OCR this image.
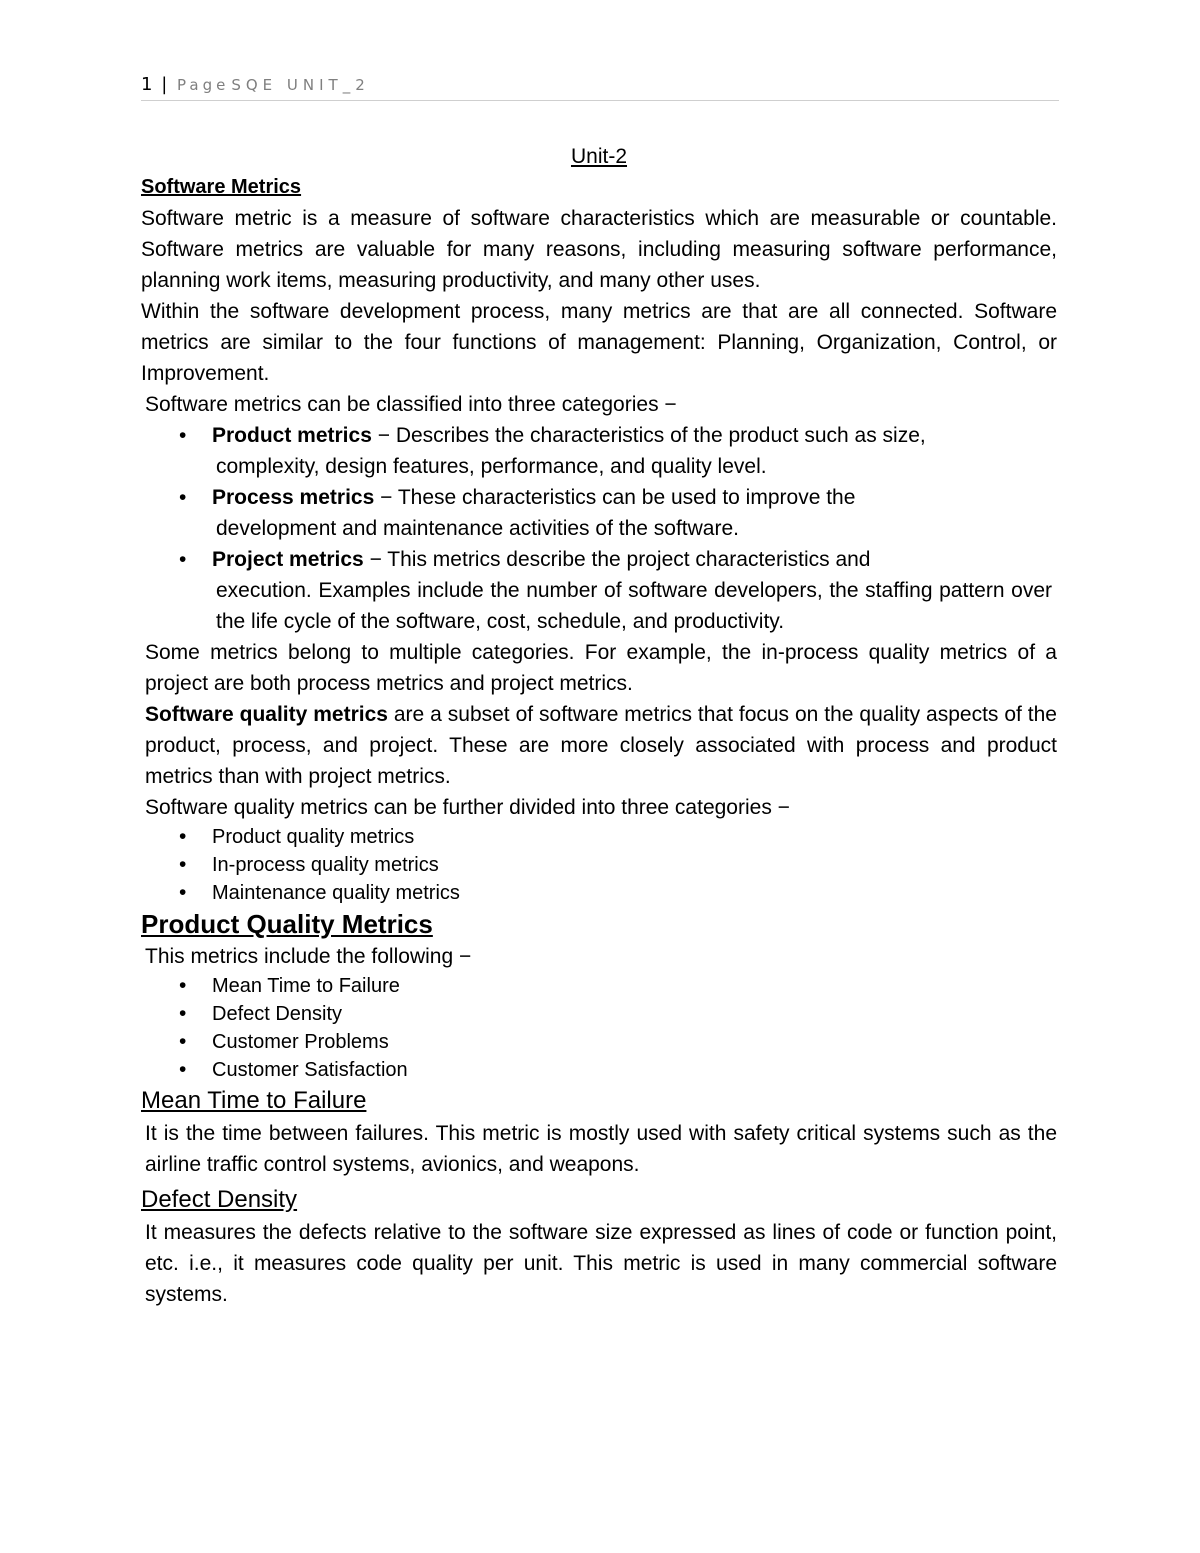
1 | Page SQE UNIT_2

Unit-2

Software Metrics

Software metric is a measure of software characteristics which are measurable or countable. Software metrics are valuable for many reasons, including measuring software performance, planning work items, measuring productivity, and many other uses.

Within the software development process, many metrics are that are all connected. Software metrics are similar to the four functions of management: Planning, Organization, Control, or Improvement.

Software metrics can be classified into three categories −

• Product metrics − Describes the characteristics of the product such as size,
complexity, design features, performance, and quality level.
• Process metrics − These characteristics can be used to improve the
development and maintenance activities of the software.
• Project metrics − This metrics describe the project characteristics and
execution. Examples include the number of software developers, the staffing pattern over the life cycle of the software, cost, schedule, and productivity.

Some metrics belong to multiple categories. For example, the in-process quality metrics of a project are both process metrics and project metrics.

Software quality metrics are a subset of software metrics that focus on the quality aspects of the product, process, and project. These are more closely associated with process and product metrics than with project metrics.

Software quality metrics can be further divided into three categories −

• Product quality metrics
• In-process quality metrics
• Maintenance quality metrics

Product Quality Metrics

This metrics include the following −

• Mean Time to Failure
• Defect Density
• Customer Problems
• Customer Satisfaction

Mean Time to Failure

It is the time between failures. This metric is mostly used with safety critical systems such as the airline traffic control systems, avionics, and weapons.

Defect Density

It measures the defects relative to the software size expressed as lines of code or function point, etc. i.e., it measures code quality per unit. This metric is used in many commercial software systems.
